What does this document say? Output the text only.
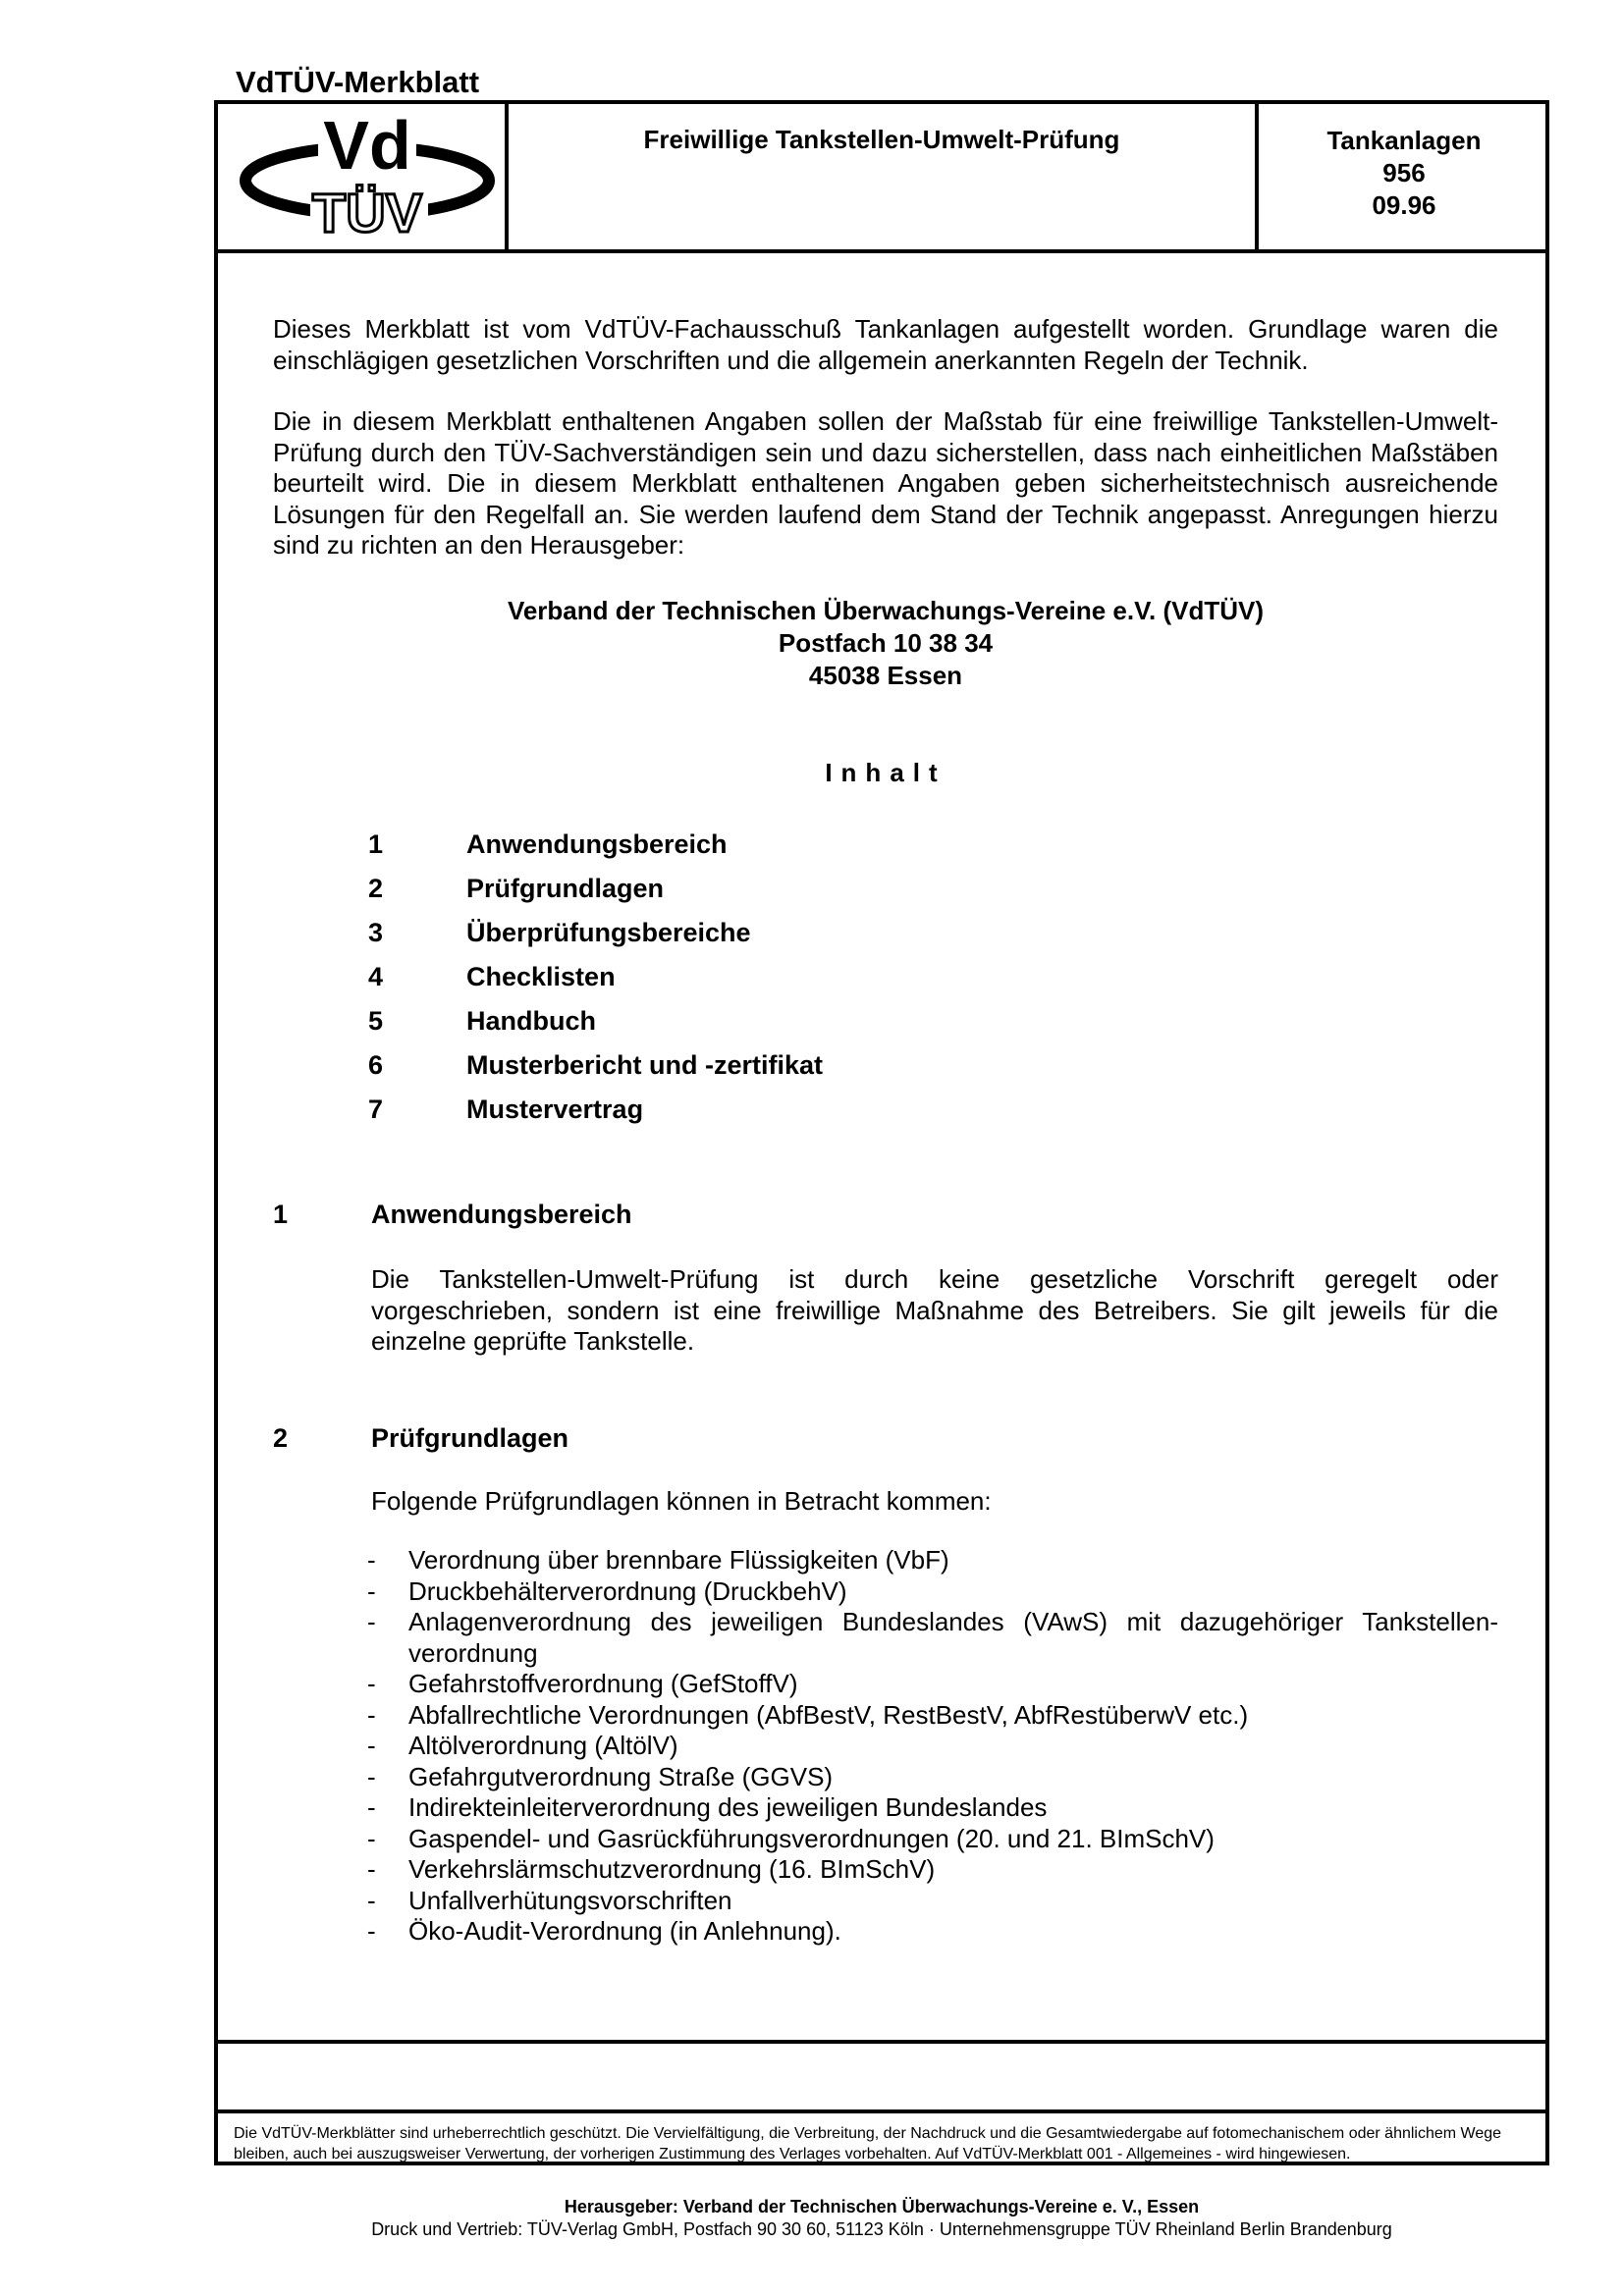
VdTÜV-Merkblatt
Vd
TÜV
Freiwillige Tankstellen-Umwelt-Prüfung	Tankanlagen
956
09.96
Dieses Merkblatt ist vom VdTÜV-Fachausschuß Tankanlagen aufgestellt worden. Grundlage waren die einschlägigen gesetzlichen Vorschriften und die allgemein anerkannten Regeln der Technik.
Die in diesem Merkblatt enthaltenen Angaben sollen der Maßstab für eine freiwillige Tankstellen-Umwelt-Prüfung durch den TÜV-Sachverständigen sein und dazu sicherstellen, dass nach einheitlichen Maßstäben beurteilt wird. Die in diesem Merkblatt enthaltenen Angaben geben sicherheitstechnisch ausreichende Lösungen für den Regelfall an. Sie werden laufend dem Stand der Technik angepasst. Anregungen hierzu sind zu richten an den Herausgeber:
Verband der Technischen Überwachungs-Vereine e.V. (VdTÜV)
Postfach 10 38 34
45038 Essen
Inhalt
1	Anwendungsbereich
2	Prüfgrundlagen
3	Überprüfungsbereiche
4	Checklisten
5	Handbuch
6	Musterbericht und -zertifikat
7	Mustervertrag
1	Anwendungsbereich
Die Tankstellen-Umwelt-Prüfung ist durch keine gesetzliche Vorschrift geregelt oder vorgeschrieben, sondern ist eine freiwillige Maßnahme des Betreibers. Sie gilt jeweils für die einzelne geprüfte Tankstelle.
2	Prüfgrundlagen
Folgende Prüfgrundlagen können in Betracht kommen:
- Verordnung über brennbare Flüssigkeiten (VbF)
- Druckbehälterverordnung (DruckbehV)
- Anlagenverordnung des jeweiligen Bundeslandes (VAwS) mit dazugehöriger Tankstellen-verordnung
- Gefahrstoffverordnung (GefStoffV)
- Abfallrechtliche Verordnungen (AbfBestV, RestBestV, AbfRestüberwV etc.)
- Altölverordnung (AltölV)
- Gefahrgutverordnung Straße (GGVS)
- Indirekteinleiterverordnung des jeweiligen Bundeslandes
- Gaspendel- und Gasrückführungsverordnungen (20. und 21. BImSchV)
- Verkehrslärmschutzverordnung (16. BImSchV)
- Unfallverhütungsvorschriften
- Öko-Audit-Verordnung (in Anlehnung).
Die VdTÜV-Merkblätter sind urheberrechtlich geschützt. Die Vervielfältigung, die Verbreitung, der Nachdruck und die Gesamtwiedergabe auf fotomechanischem oder ähnlichem Wege bleiben, auch bei auszugsweiser Verwertung, der vorherigen Zustimmung des Verlages vorbehalten. Auf VdTÜV-Merkblatt 001 - Allgemeines - wird hingewiesen.
Herausgeber: Verband der Technischen Überwachungs-Vereine e. V., Essen
Druck und Vertrieb: TÜV-Verlag GmbH, Postfach 90 30 60, 51123 Köln · Unternehmensgruppe TÜV Rheinland Berlin Brandenburg
